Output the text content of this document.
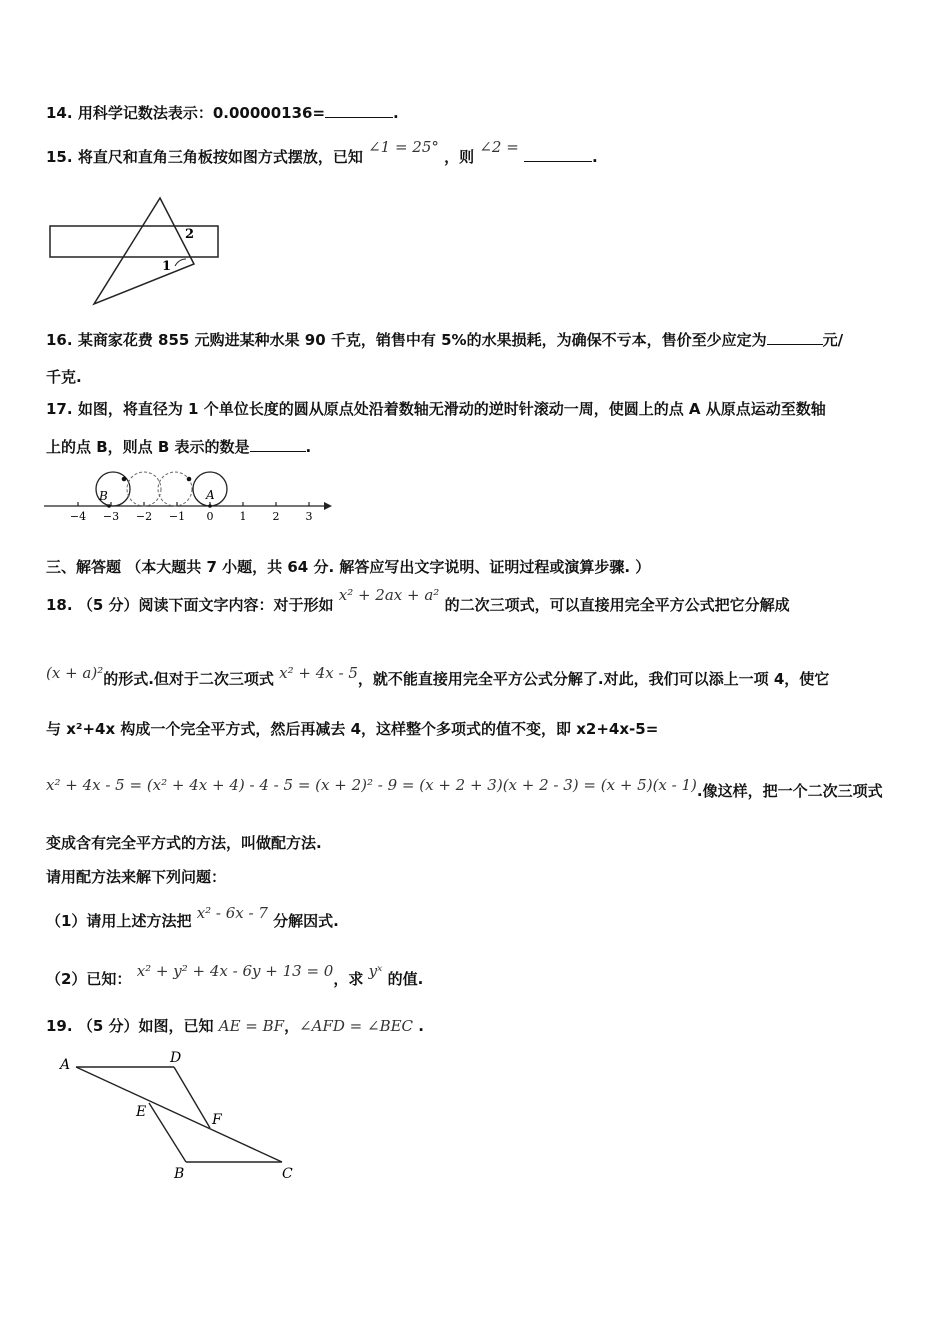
14. 用科学记数法表示：0.00000136=	.
15. 将直尺和直角三角板按如图方式摆放，已知 ∠1 = 25° ，则 ∠2 = .
2
1
16. 某商家花费 855 元购进某种水果 90 千克，销售中有 5%的水果损耗，为确保不亏本，售价至少应定为	元/
千克.
17. 如图，将直径为 1 个单位长度的圆从原点处沿着数轴无滑动的逆时针滚动一周，使圆上的点 A 从原点运动至数轴
上的点 B，则点 B 表示的数是	.
−4 −3 −2 −1 0 1 2 3
B	A
三、解答题 （本大题共 7 小题，共 64 分. 解答应写出文字说明、证明过程或演算步骤. ）
18. （5 分）阅读下面文字内容：对于形如 x² + 2ax + a² 的二次三项式，可以直接用完全平方公式把它分解成
(x + a)²的形式.但对于二次三项式 x² + 4x - 5，就不能直接用完全平方公式分解了.对此，我们可以添上一项 4，使它
与 x²+4x 构成一个完全平方式，然后再减去 4，这样整个多项式的值不变，即 x2+4x-5=
x² + 4x - 5 = (x² + 4x + 4) - 4 - 5 = (x + 2)² - 9 = (x + 2 + 3)(x + 2 - 3) = (x + 5)(x - 1).像这样，把一个二次三项式
变成含有完全平方式的方法，叫做配方法.
请用配方法来解下列问题：
（1）请用上述方法把 x² - 6x - 7 分解因式.
（2）已知： x² + y² + 4x - 6y + 13 = 0，求 yˣ 的值.
19. （5 分）如图，已知 AE = BF，∠AFD = ∠BEC .
A	D
E	F
B	C
